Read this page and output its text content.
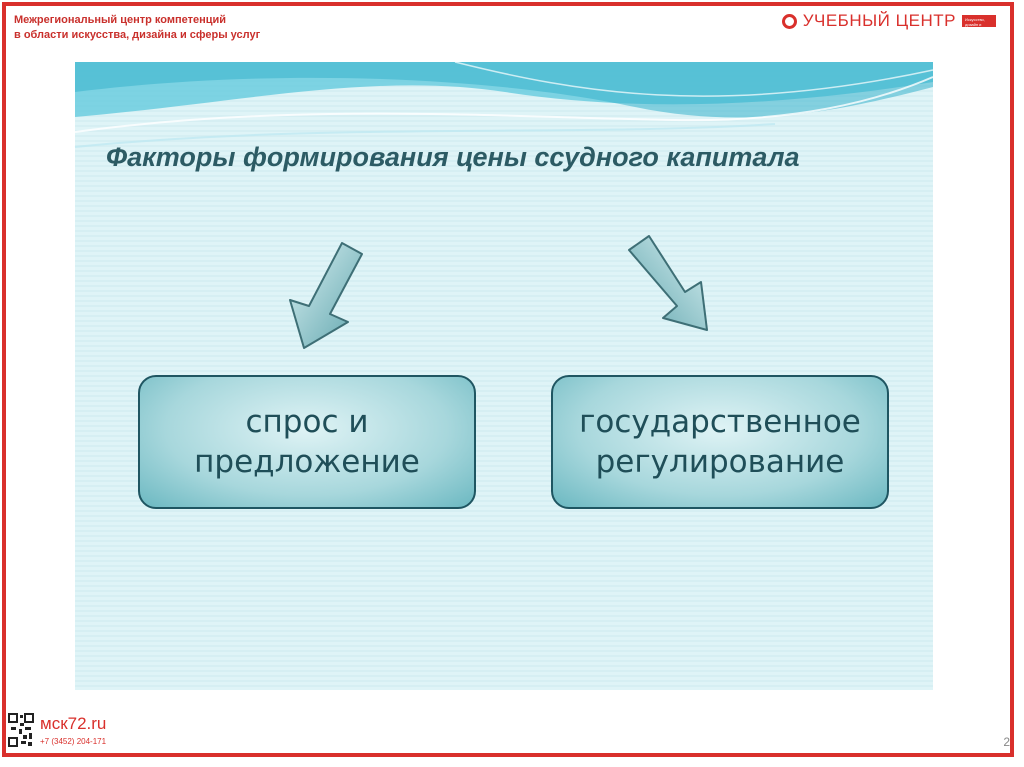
Межрегиональный центр компетенций
в области искусства, дизайна и сферы услуг
УЧЕБНЫЙ ЦЕНТР	Искусство, дизайн и сфера услуг
Факторы формирования цены ссудного капитала
спрос и
предложение
государственное
регулирование
мск72.ru
+7 (3452) 204-171	2
